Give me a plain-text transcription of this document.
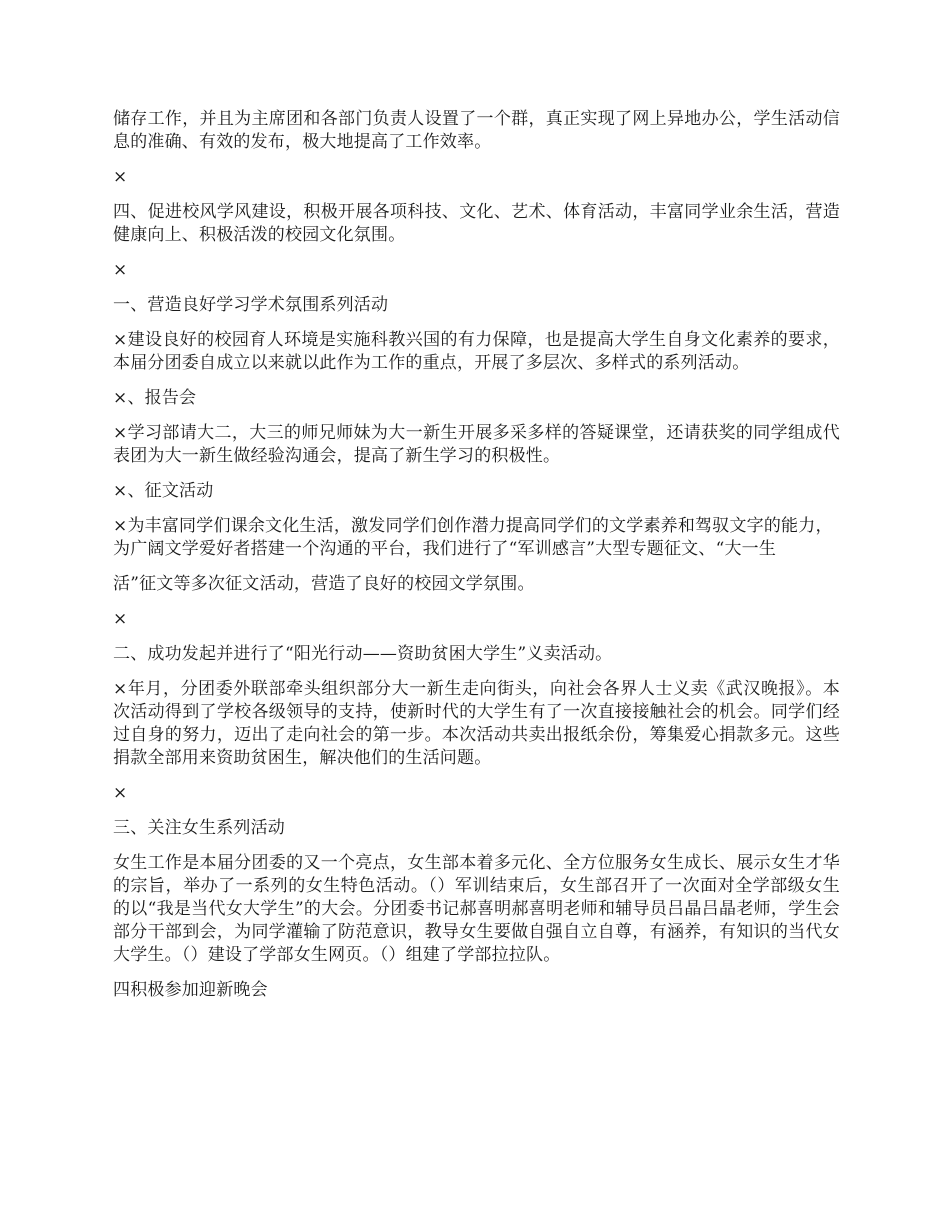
储存工作，并且为主席团和各部门负责人设置了一个群，真正实现了网上异地办公，学生活动信息的准确、有效的发布，极大地提高了工作效率。

×

四、促进校风学风建设，积极开展各项科技、文化、艺术、体育活动，丰富同学业余生活，营造健康向上、积极活泼的校园文化氛围。

×

一、营造良好学习学术氛围系列活动

×建设良好的校园育人环境是实施科教兴国的有力保障，也是提高大学生自身文化素养的要求，本届分团委自成立以来就以此作为工作的重点，开展了多层次、多样式的系列活动。

×、报告会

×学习部请大二，大三的师兄师妹为大一新生开展多采多样的答疑课堂，还请获奖的同学组成代表团为大一新生做经验沟通会，提高了新生学习的积极性。

×、征文活动

×为丰富同学们课余文化生活，激发同学们创作潜力提高同学们的文学素养和驾驭文字的能力，为广阔文学爱好者搭建一个沟通的平台，我们进行了“军训感言”大型专题征文、“大一生

活”征文等多次征文活动，营造了良好的校园文学氛围。

×

二、成功发起并进行了“阳光行动——资助贫困大学生”义卖活动。

×年月，分团委外联部牵头组织部分大一新生走向街头，向社会各界人士义卖《武汉晚报》。本次活动得到了学校各级领导的支持，使新时代的大学生有了一次直接接触社会的机会。同学们经过自身的努力，迈出了走向社会的第一步。本次活动共卖出报纸余份，筹集爱心捐款多元。这些捐款全部用来资助贫困生，解决他们的生活问题。

×

三、关注女生系列活动

女生工作是本届分团委的又一个亮点，女生部本着多元化、全方位服务女生成长、展示女生才华的宗旨，举办了一系列的女生特色活动。（）军训结束后，女生部召开了一次面对全学部级女生的以“我是当代女大学生”的大会。分团委书记郝喜明郝喜明老师和辅导员吕晶吕晶老师，学生会部分干部到会，为同学灌输了防范意识，教导女生要做自强自立自尊，有涵养，有知识的当代女大学生。（）建设了学部女生网页。（）组建了学部拉拉队。

四积极参加迎新晚会
